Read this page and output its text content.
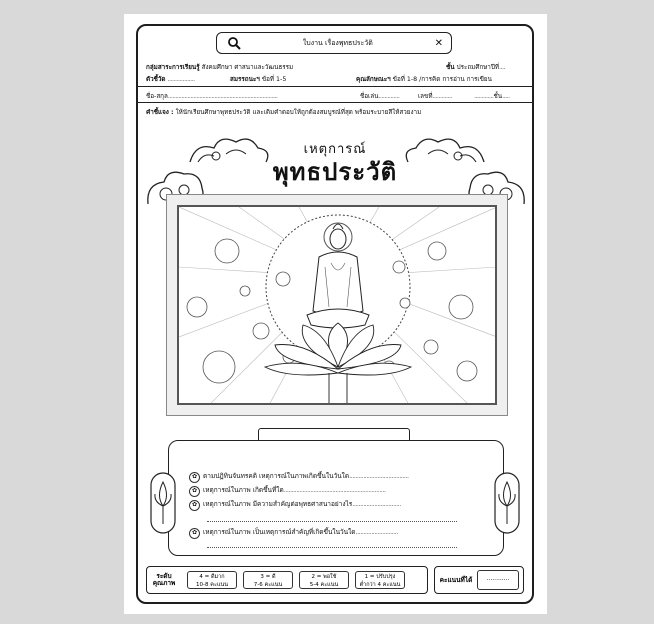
ใบงาน เรื่องพุทธประวัติ	✕
กลุ่มสาระการเรียนรู้ สังคมศึกษา ศาสนาและวัฒนธรรม	ชั้น ประถมศึกษาปีที่....
ตัวชี้วัด ..................	สมรรถนะฯ ข้อที่ 1-5	คุณลักษณะฯ ข้อที่ 1-8 /การคิด การอ่าน การเขียน
ชื่อ-สกุล.........................................................................	ชื่อเล่น..............	เลขที่.............	.............ชั้น.....
คำชี้แจง : ให้นักเรียนศึกษาพุทธประวัติ และเติมคำตอบให้ถูกต้องสมบูรณ์ที่สุด พร้อมระบายสีให้สวยงาม
เหตุการณ์
พุทธประวัติ
✿ ตามปฏิทินจันทรคติ เหตุการณ์ในภาพเกิดขึ้นในวันใด......................................
✿ เหตุการณ์ในภาพ เกิดขึ้นที่ใด.................................................................
✿ เหตุการณ์ในภาพ มีความสำคัญต่อพุทธศาสนาอย่างไร...............................
✿ เหตุการณ์ในภาพ เป็นเหตุการณ์สำคัญที่เกิดขึ้นในวันใด...........................
ระดับ
คุณภาพ
4 = ดีมาก
10-8 คะแนน
3 = ดี
7-6 คะแนน
2 = พอใช้
5-4 คะแนน
1 = ปรับปรุง
ต่ำกว่า 4 คะแนน
คะแนนที่ได้	............
